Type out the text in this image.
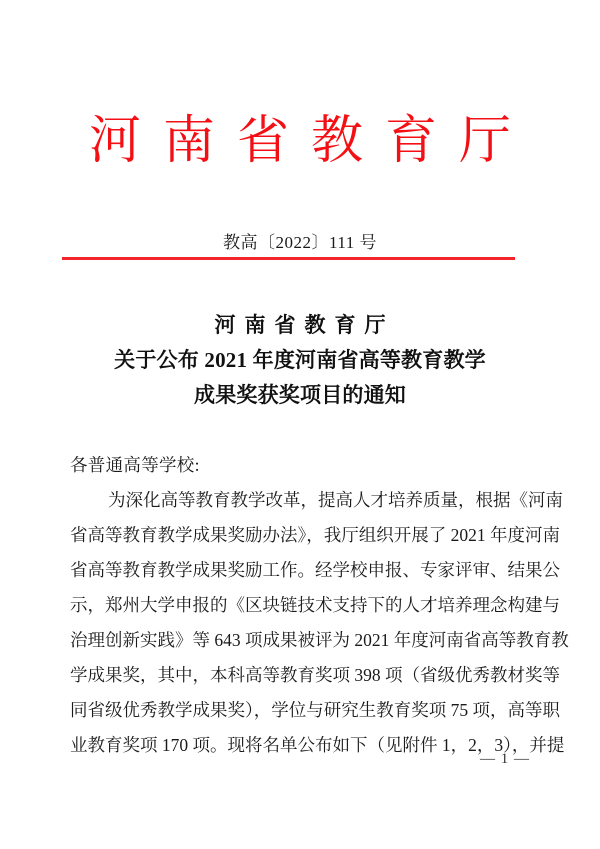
河南省教育厅
教高〔2022〕111 号
河南省教育厅
关于公布 2021 年度河南省高等教育教学
成果奖获奖项目的通知
各普通高等学校:
为深化高等教育教学改革，提高人才培养质量，根据《河南
省高等教育教学成果奖励办法》，我厅组织开展了 2021 年度河南
省高等教育教学成果奖励工作。经学校申报、专家评审、结果公
示，郑州大学申报的《区块链技术支持下的人才培养理念构建与
治理创新实践》等 643 项成果被评为 2021 年度河南省高等教育教
学成果奖，其中，本科高等教育奖项 398 项（省级优秀教材奖等
同省级优秀教学成果奖），学位与研究生教育奖项 75 项，高等职
业教育奖项 170 项。现将名单公布如下（见附件 1，2，3），并提
— 1 —
